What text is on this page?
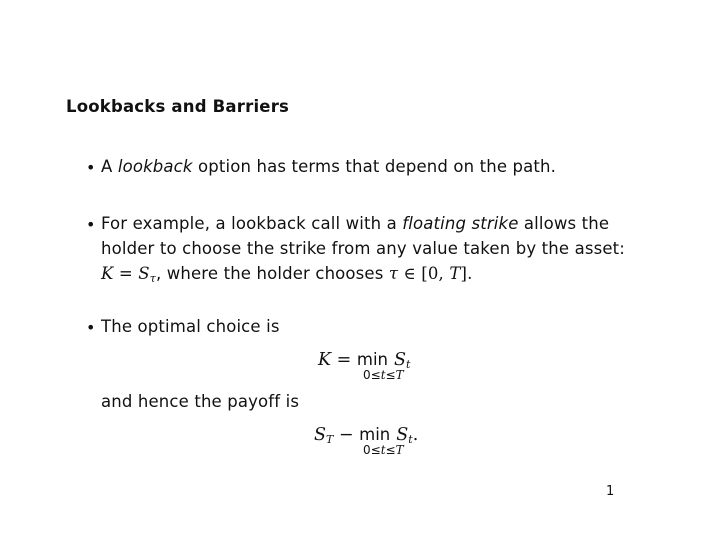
Lookbacks and Barriers
• A lookback option has terms that depend on the path.
• For example, a lookback call with a floating strike allows the
holder to choose the strike from any value taken by the asset:
$K = S_\tau$, where the holder chooses τ ∈ [0, T].
• The optimal choice is
$K = \min S_t$
0≤t≤T
and hence the payoff is
$S_T - \min S_t$.
0≤t≤T
1
